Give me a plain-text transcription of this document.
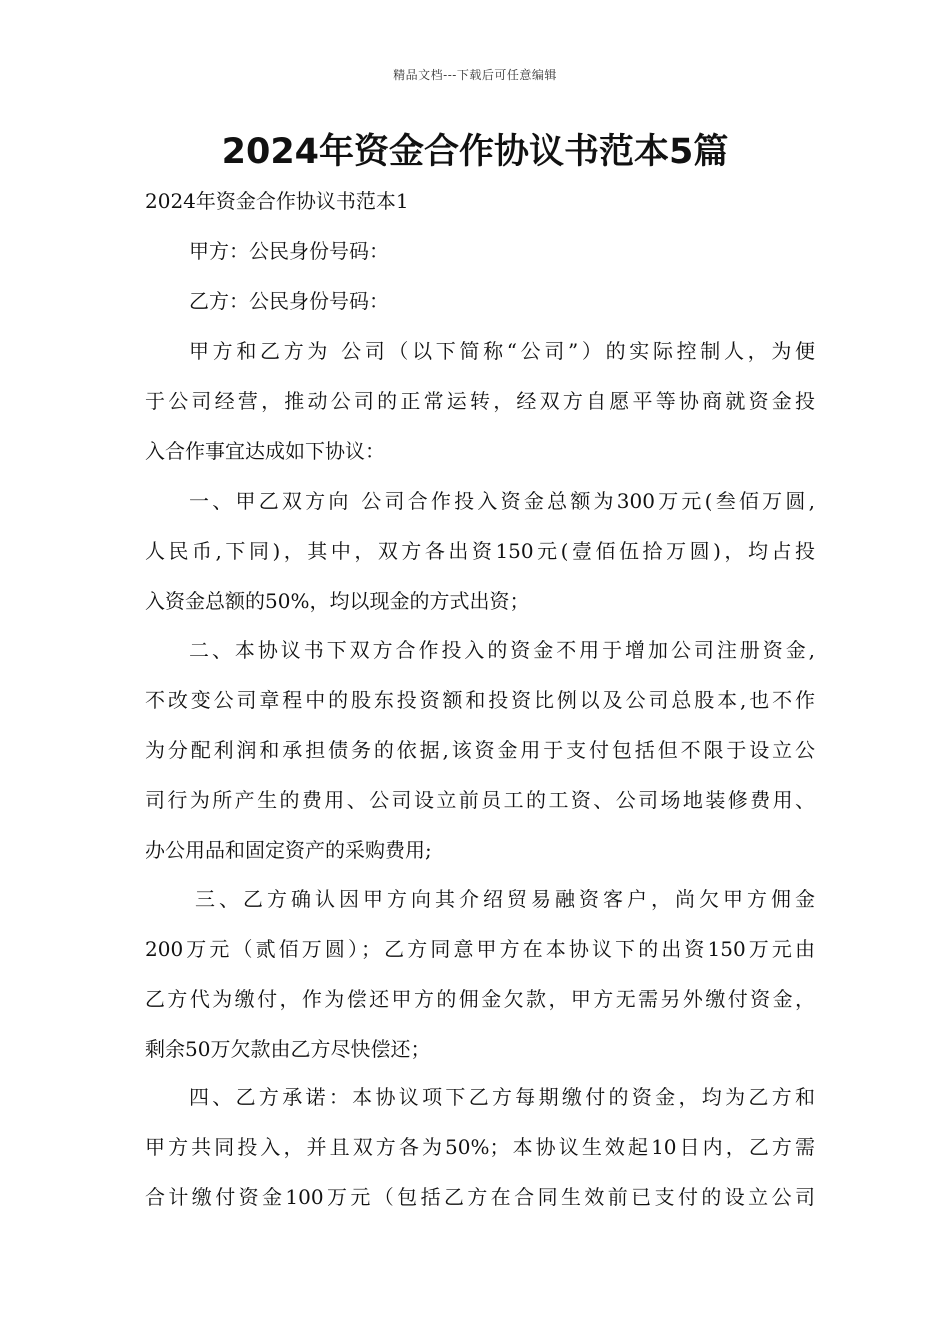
精品文档---下载后可任意编辑
2024年资金合作协议书范本5篇
2024年资金合作协议书范本1
甲方：公民身份号码：
乙方：公民身份号码：
甲方和乙方为 公司（以下简称“公司”）的实际控制人，为便
于公司经营，推动公司的正常运转，经双方自愿平等协商就资金投
入合作事宜达成如下协议：
一、甲乙双方向 公司合作投入资金总额为300万元(叁佰万圆,
人民币,下同)，其中，双方各出资150元(壹佰伍拾万圆)，均占投
入资金总额的50%，均以现金的方式出资；
二、本协议书下双方合作投入的资金不用于增加公司注册资金,
不改变公司章程中的股东投资额和投资比例以及公司总股本,也不作
为分配利润和承担债务的依据,该资金用于支付包括但不限于设立公
司行为所产生的费用、公司设立前员工的工资、公司场地装修费用、
办公用品和固定资产的采购费用;
三、乙方确认因甲方向其介绍贸易融资客户，尚欠甲方佣金
200万元（贰佰万圆）；乙方同意甲方在本协议下的出资150万元由
乙方代为缴付，作为偿还甲方的佣金欠款，甲方无需另外缴付资金，
剩余50万欠款由乙方尽快偿还；
四、乙方承诺：本协议项下乙方每期缴付的资金，均为乙方和
甲方共同投入，并且双方各为50%；本协议生效起10日内，乙方需
合计缴付资金100万元（包括乙方在合同生效前已支付的设立公司
